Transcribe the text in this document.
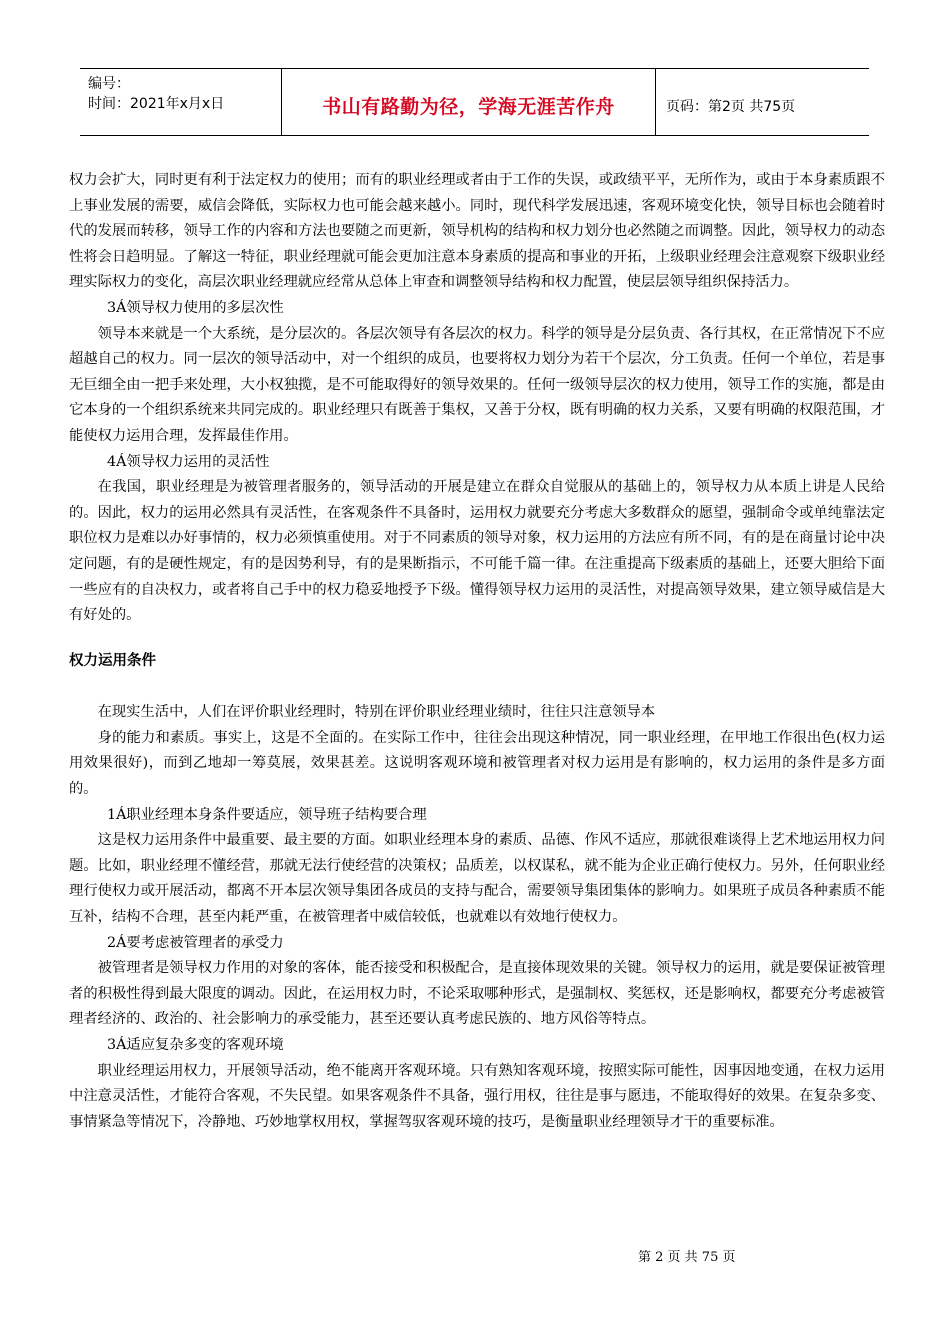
编号：
时间：2021年x月x日	书山有路勤为径，学海无涯苦作舟	页码：第2页 共75页

权力会扩大，同时更有利于法定权力的使用；而有的职业经理或者由于工作的失误，或政绩平平，无所作为，或由于本身素质跟不上事业发展的需要，威信会降低，实际权力也可能会越来越小。同时，现代科学发展迅速，客观环境变化快，领导目标也会随着时代的发展而转移，领导工作的内容和方法也要随之而更新，领导机构的结构和权力划分也必然随之而调整。因此，领导权力的动态性将会日趋明显。了解这一特征，职业经理就可能会更加注意本身素质的提高和事业的开拓，上级职业经理会注意观察下级职业经理实际权力的变化，高层次职业经理就应经常从总体上审查和调整领导结构和权力配置，使层层领导组织保持活力。

3Á领导权力使用的多层次性

领导本来就是一个大系统，是分层次的。各层次领导有各层次的权力。科学的领导是分层负责、各行其权，在正常情况下不应超越自己的权力。同一层次的领导活动中，对一个组织的成员，也要将权力划分为若干个层次，分工负责。任何一个单位，若是事无巨细全由一把手来处理，大小权独揽，是不可能取得好的领导效果的。任何一级领导层次的权力使用，领导工作的实施，都是由它本身的一个组织系统来共同完成的。职业经理只有既善于集权，又善于分权，既有明确的权力关系，又要有明确的权限范围，才能使权力运用合理，发挥最佳作用。

4Á领导权力运用的灵活性

在我国，职业经理是为被管理者服务的，领导活动的开展是建立在群众自觉服从的基础上的，领导权力从本质上讲是人民给的。因此，权力的运用必然具有灵活性，在客观条件不具备时，运用权力就要充分考虑大多数群众的愿望，强制命令或单纯靠法定职位权力是难以办好事情的，权力必须慎重使用。对于不同素质的领导对象，权力运用的方法应有所不同，有的是在商量讨论中决定问题，有的是硬性规定，有的是因势利导，有的是果断指示，不可能千篇一律。在注重提高下级素质的基础上，还要大胆给下面一些应有的自决权力，或者将自己手中的权力稳妥地授予下级。懂得领导权力运用的灵活性，对提高领导效果，建立领导威信是大有好处的。

权力运用条件

在现实生活中，人们在评价职业经理时，特别在评价职业经理业绩时，往往只注意领导本

身的能力和素质。事实上，这是不全面的。在实际工作中，往往会出现这种情况，同一职业经理，在甲地工作很出色(权力运用效果很好)，而到乙地却一筹莫展，效果甚差。这说明客观环境和被管理者对权力运用是有影响的，权力运用的条件是多方面的。

1Á职业经理本身条件要适应，领导班子结构要合理

这是权力运用条件中最重要、最主要的方面。如职业经理本身的素质、品德、作风不适应，那就很难谈得上艺术地运用权力问题。比如，职业经理不懂经营，那就无法行使经营的决策权；品质差，以权谋私，就不能为企业正确行使权力。另外，任何职业经理行使权力或开展活动，都离不开本层次领导集团各成员的支持与配合，需要领导集团集体的影响力。如果班子成员各种素质不能互补，结构不合理，甚至内耗严重，在被管理者中威信较低，也就难以有效地行使权力。

2Á要考虑被管理者的承受力

被管理者是领导权力作用的对象的客体，能否接受和积极配合，是直接体现效果的关键。领导权力的运用，就是要保证被管理者的积极性得到最大限度的调动。因此，在运用权力时，不论采取哪种形式，是强制权、奖惩权，还是影响权，都要充分考虑被管理者经济的、政治的、社会影响力的承受能力，甚至还要认真考虑民族的、地方风俗等特点。

3Á适应复杂多变的客观环境

职业经理运用权力，开展领导活动，绝不能离开客观环境。只有熟知客观环境，按照实际可能性，因事因地变通，在权力运用中注意灵活性，才能符合客观，不失民望。如果客观条件不具备，强行用权，往往是事与愿违，不能取得好的效果。在复杂多变、事情紧急等情况下，冷静地、巧妙地掌权用权，掌握驾驭客观环境的技巧，是衡量职业经理领导才干的重要标准。

第 2 页 共 75 页
